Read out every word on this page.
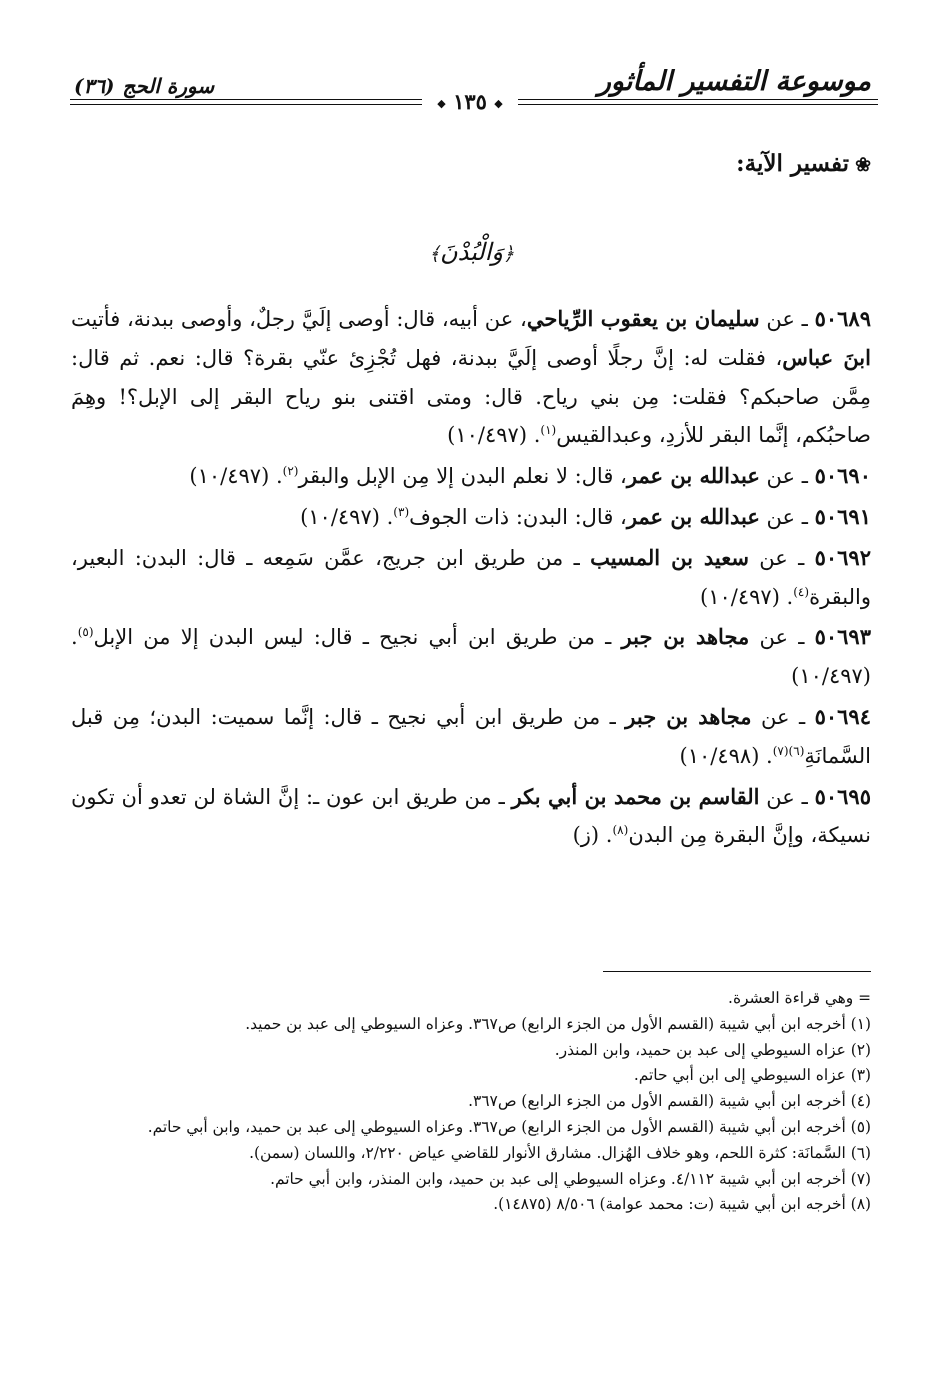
موسوعة التفسير المأثور
سورة الحج
(٣٦)
◆ ١٣٥ ◆
❀تفسير الآية:
﴿وَالْبُدْنَ﴾
٥٠٦٨٩ ـ عن سليمان بن يعقوب الرِّياحي، عن أبيه، قال: أوصى إلَيَّ رجلٌ، وأوصى ببدنة، فأتيت ابنَ عباس، فقلت له: إنَّ رجلًا أوصى إلَيَّ ببدنة، فهل تُجْزِئ عنّي بقرة؟ قال: نعم. ثم قال: مِمَّن صاحبكم؟ فقلت: مِن بني رياح. قال: ومتى اقتنى بنو رياح البقر إلى الإبل؟! وهِمَ صاحبُكم، إنَّما البقر للأزدِ، وعبدالقيس$^{(١)}$. (١٠/٤٩٧)
٥٠٦٩٠ ـ عن عبدالله بن عمر، قال: لا نعلم البدن إلا مِن الإبل والبقر$^{(٢)}$. (١٠/٤٩٧)
٥٠٦٩١ ـ عن عبدالله بن عمر، قال: البدن: ذات الجوف$^{(٣)}$. (١٠/٤٩٧)
٥٠٦٩٢ ـ عن سعيد بن المسيب ـ من طريق ابن جريج، عمَّن سَمِعه ـ قال: البدن: البعير، والبقرة$^{(٤)}$. (١٠/٤٩٧)
٥٠٦٩٣ ـ عن مجاهد بن جبر ـ من طريق ابن أبي نجيح ـ قال: ليس البدن إلا من الإبل$^{(٥)}$. (١٠/٤٩٧)
٥٠٦٩٤ ـ عن مجاهد بن جبر ـ من طريق ابن أبي نجيح ـ قال: إنَّما سميت: البدن؛ مِن قبل السَّمانَةِ$^{(٦)(٧)}$. (١٠/٤٩٨)
٥٠٦٩٥ ـ عن القاسم بن محمد بن أبي بكر ـ من طريق ابن عون ـ: إنَّ الشاة لن تعدو أن تكون نسيكة، وإنَّ البقرة مِن البدن$^{(٨)}$. (ز)
= وهي قراءة العشرة.
(١) أخرجه ابن أبي شيبة (القسم الأول من الجزء الرابع) ص٣٦٧. وعزاه السيوطي إلى عبد بن حميد.
(٢) عزاه السيوطي إلى عبد بن حميد، وابن المنذر.
(٣) عزاه السيوطي إلى ابن أبي حاتم.
(٤) أخرجه ابن أبي شيبة (القسم الأول من الجزء الرابع) ص٣٦٧.
(٥) أخرجه ابن أبي شيبة (القسم الأول من الجزء الرابع) ص٣٦٧. وعزاه السيوطي إلى عبد بن حميد، وابن أبي حاتم.
(٦) السَّمانَة: كثرة اللحم، وهو خلاف الهُزال. مشارق الأنوار للقاضي عياض ٢/٢٢٠، واللسان (سمن).
(٧) أخرجه ابن أبي شيبة ٤/١١٢. وعزاه السيوطي إلى عبد بن حميد، وابن المنذر، وابن أبي حاتم.
(٨) أخرجه ابن أبي شيبة (ت: محمد عوامة) ٨/٥٠٦ (١٤٨٧٥).
